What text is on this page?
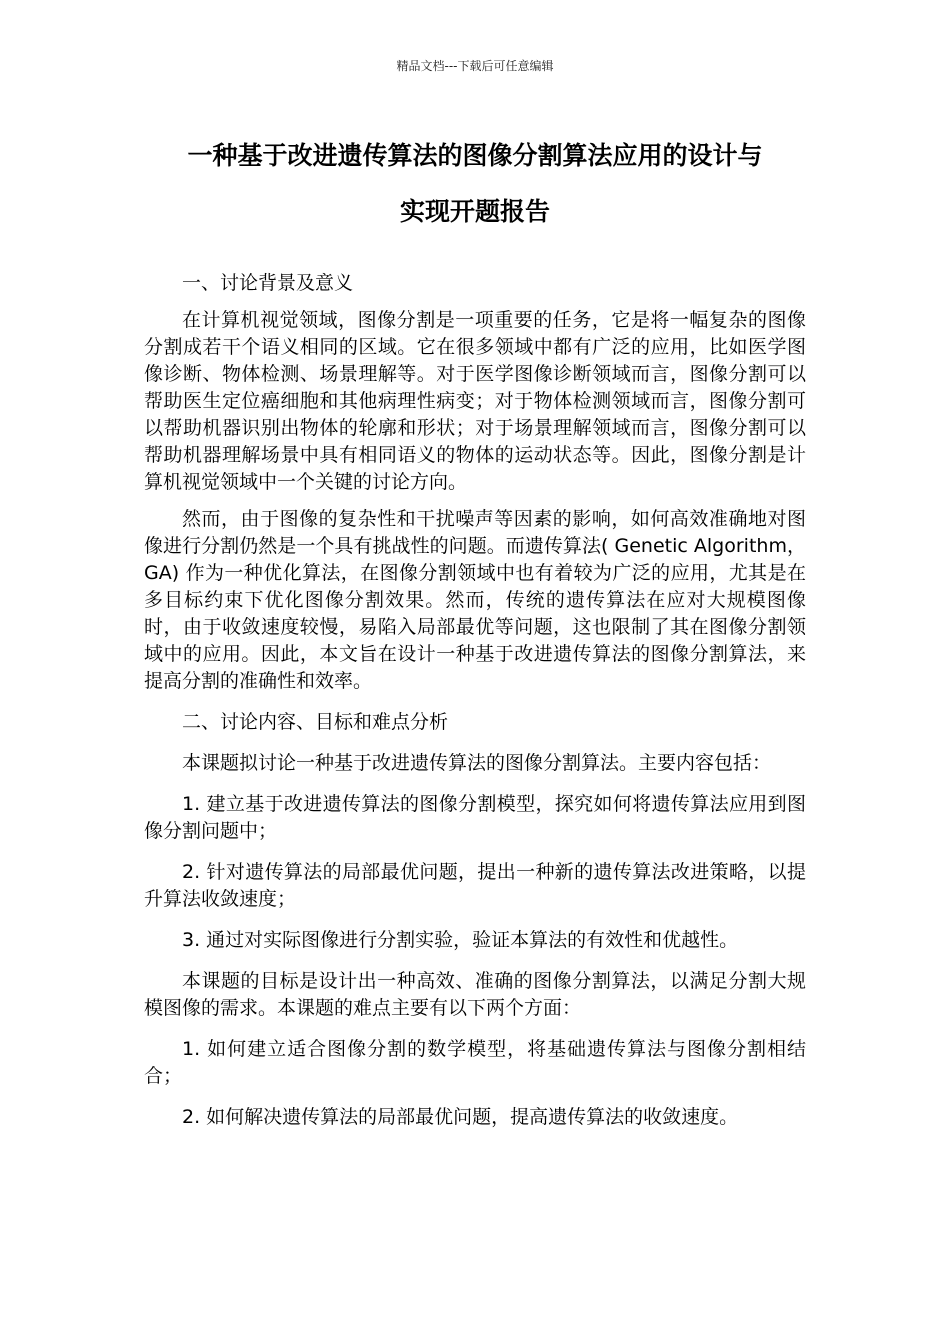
精品文档---下载后可任意编辑
一种基于改进遗传算法的图像分割算法应用的设计与
实现开题报告
一、讨论背景及意义

在计算机视觉领域，图像分割是一项重要的任务，它是将一幅复杂的图像分割成若干个语义相同的区域。它在很多领域中都有广泛的应用，比如医学图像诊断、物体检测、场景理解等。对于医学图像诊断领域而言，图像分割可以帮助医生定位癌细胞和其他病理性病变；对于物体检测领域而言，图像分割可以帮助机器识别出物体的轮廓和形状；对于场景理解领域而言，图像分割可以帮助机器理解场景中具有相同语义的物体的运动状态等。因此，图像分割是计算机视觉领域中一个关键的讨论方向。

然而，由于图像的复杂性和干扰噪声等因素的影响，如何高效准确地对图像进行分割仍然是一个具有挑战性的问题。而遗传算法( Genetic Algorithm，GA) 作为一种优化算法，在图像分割领域中也有着较为广泛的应用，尤其是在多目标约束下优化图像分割效果。然而，传统的遗传算法在应对大规模图像时，由于收敛速度较慢，易陷入局部最优等问题，这也限制了其在图像分割领域中的应用。因此，本文旨在设计一种基于改进遗传算法的图像分割算法，来提高分割的准确性和效率。

二、讨论内容、目标和难点分析

本课题拟讨论一种基于改进遗传算法的图像分割算法。主要内容包括：

1. 建立基于改进遗传算法的图像分割模型，探究如何将遗传算法应用到图像分割问题中；

2. 针对遗传算法的局部最优问题，提出一种新的遗传算法改进策略，以提升算法收敛速度；

3. 通过对实际图像进行分割实验，验证本算法的有效性和优越性。

本课题的目标是设计出一种高效、准确的图像分割算法，以满足分割大规模图像的需求。本课题的难点主要有以下两个方面：

1. 如何建立适合图像分割的数学模型，将基础遗传算法与图像分割相结合；

2. 如何解决遗传算法的局部最优问题，提高遗传算法的收敛速度。
